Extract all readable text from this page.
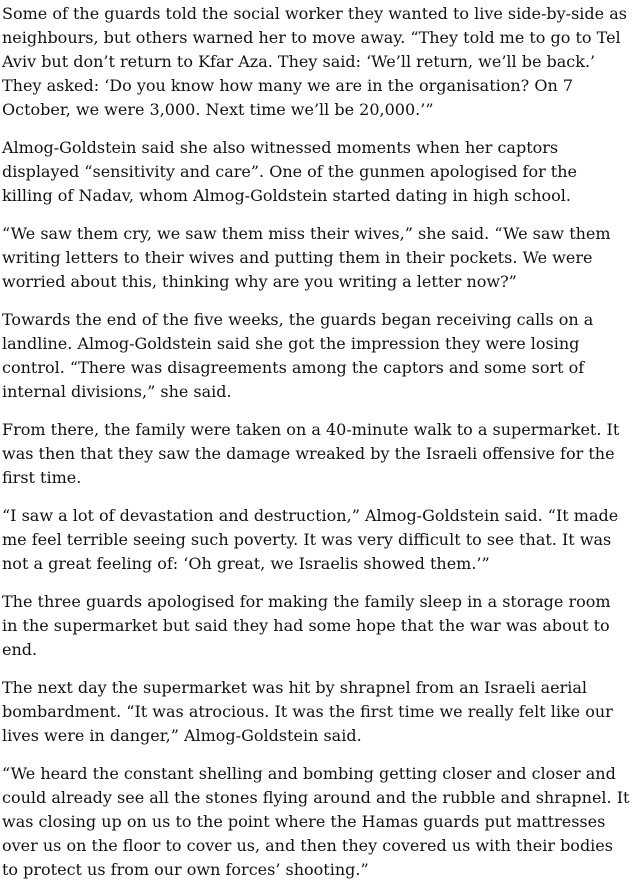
Some of the guards told the social worker they wanted to live side-by-side as neighbours, but others warned her to move away. “They told me to go to Tel Aviv but don’t return to Kfar Aza. They said: ‘We’ll return, we’ll be back.’ They asked: ‘Do you know how many we are in the organisation? On 7 October, we were 3,000. Next time we’ll be 20,000.’”

Almog-Goldstein said she also witnessed moments when her captors displayed “sensitivity and care”. One of the gunmen apologised for the killing of Nadav, whom Almog-Goldstein started dating in high school.

“We saw them cry, we saw them miss their wives,” she said. “We saw them writing letters to their wives and putting them in their pockets. We were worried about this, thinking why are you writing a letter now?”

Towards the end of the five weeks, the guards began receiving calls on a landline. Almog-Goldstein said she got the impression they were losing control. “There was disagreements among the captors and some sort of internal divisions,” she said.

From there, the family were taken on a 40-minute walk to a supermarket. It was then that they saw the damage wreaked by the Israeli offensive for the first time.

“I saw a lot of devastation and destruction,” Almog-Goldstein said. “It made me feel terrible seeing such poverty. It was very difficult to see that. It was not a great feeling of: ‘Oh great, we Israelis showed them.’”

The three guards apologised for making the family sleep in a storage room in the supermarket but said they had some hope that the war was about to end.

The next day the supermarket was hit by shrapnel from an Israeli aerial bombardment. “It was atrocious. It was the first time we really felt like our lives were in danger,” Almog-Goldstein said.

“We heard the constant shelling and bombing getting closer and closer and could already see all the stones flying around and the rubble and shrapnel. It was closing up on us to the point where the Hamas guards put mattresses over us on the floor to cover us, and then they covered us with their bodies to protect us from our own forces’ shooting.”
